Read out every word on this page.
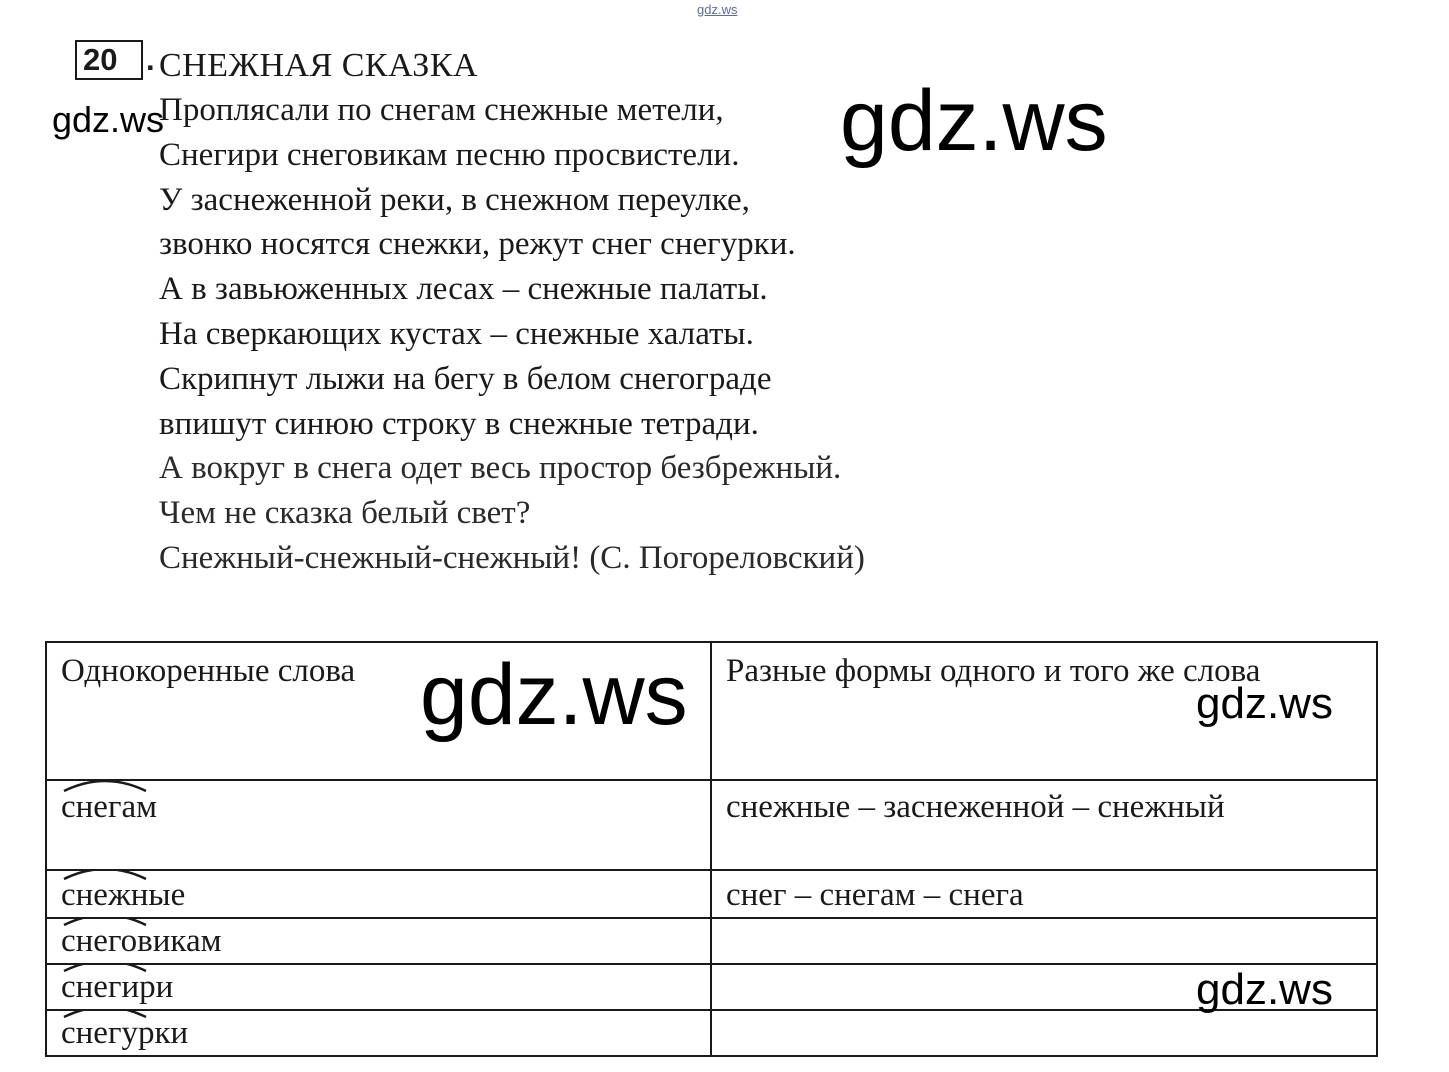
gdz.ws
20 . СНЕЖНАЯ СКАЗКА
Проплясали по снегам снежные метели,
Снегири снеговикам песню просвистели.
У заснеженной реки, в снежном переулке,
звонко носятся снежки, режут снег снегурки.
А в завьюженных лесах – снежные палаты.
На сверкающих кустах – снежные халаты.
Скрипнут лыжи на бегу в белом снегограде
впишут синюю строку в снежные тетради.
А вокруг в снега одет весь простор безбрежный.
Чем не сказка белый свет?
Снежный-снежный-снежный! (С. Погореловский)
Однокоренные слова	Разные формы одного и того же слова

снегам	снежные – заснеженной – снежный

снежные	снег – снегам – снега

снеговикам	

снегири	

снегурки	
gdz.ws	gdz.ws
gdz.ws	gdz.ws
gdz.ws
